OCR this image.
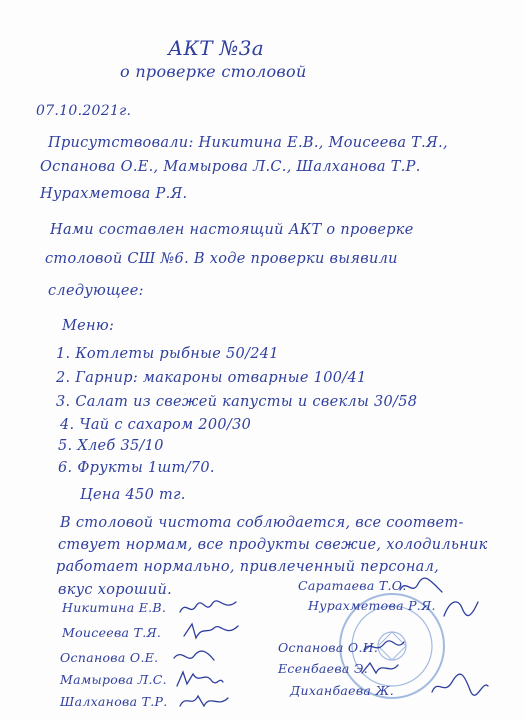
АКТ №3а
о проверке столовой
07.10.2021г.
Присутствовали: Никитина Е.В., Моисеева Т.Я.,
Оспанова О.Е., Мамырова Л.С., Шалханова Т.Р.
Нурахметова Р.Я.
Нами составлен настоящий АКТ о проверке
столовой СШ №6. В ходе проверки выявили
следующее:
Меню:
1. Котлеты рыбные 50/241
2. Гарнир: макароны отварные 100/41
3. Салат из свежей капусты и свеклы 30/58
4. Чай с сахаром 200/30
5. Хлеб 35/10
6. Фрукты 1шт/70.
Цена 450 тг.
В столовой чистота соблюдается, все соответ-
ствует нормам, все продукты свежие, холодильник
работает нормально, привлеченный персонал,
вкус хороший.
Никитина Е.В.
Моисеева Т.Я.
Оспанова О.Е.
Мамырова Л.С.
Шалханова Т.Р.
Саратаева Т.О.
Нурахметова Р.Я.
Оспанова О.И.
Есенбаева Э.
Диханбаева Ж.
